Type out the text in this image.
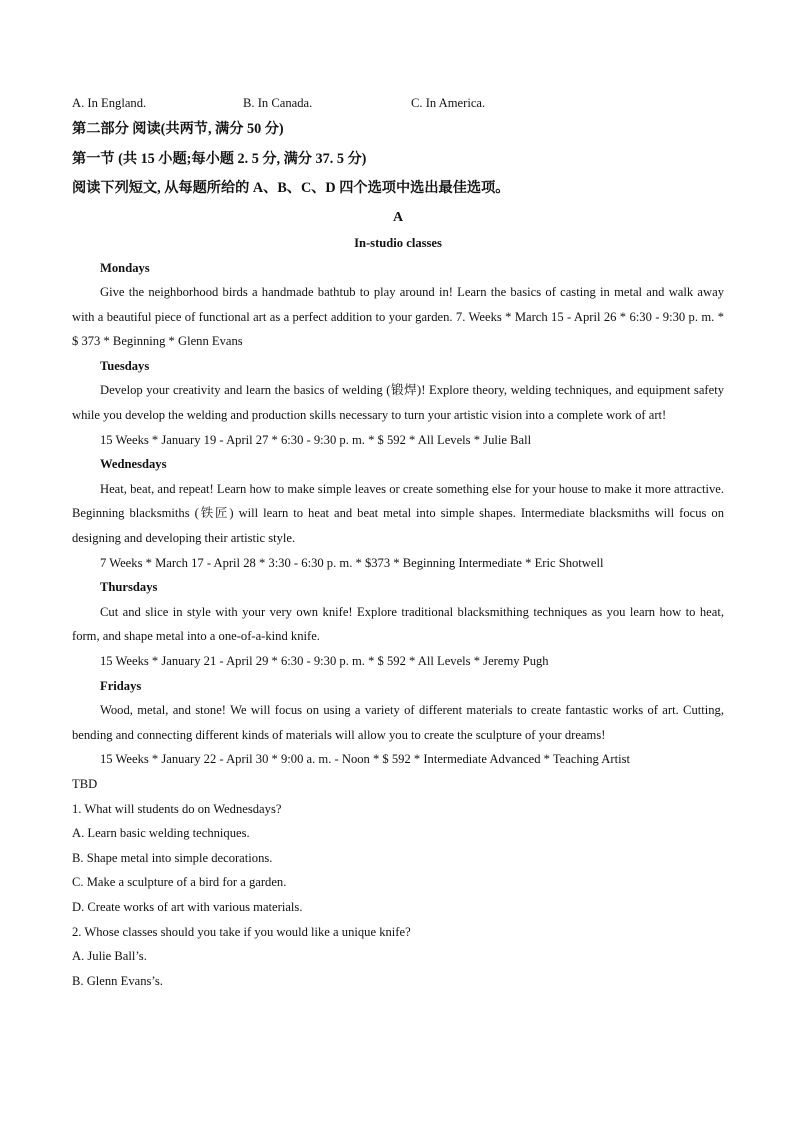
A. In England.	B. In Canada.	C. In America.
第二部分 阅读(共两节, 满分 50 分)
第一节 (共 15 小题;每小题 2. 5 分, 满分 37. 5 分)
阅读下列短文, 从每题所给的 A、B、C、D 四个选项中选出最佳选项。
A
In-studio classes
Mondays
Give the neighborhood birds a handmade bathtub to play around in! Learn the basics of casting in metal and walk away with a beautiful piece of functional art as a perfect addition to your garden. 7. Weeks * March 15 - April 26 * 6:30 - 9:30 p. m. * $ 373 * Beginning * Glenn Evans
Tuesdays
Develop your creativity and learn the basics of welding (锻焊)! Explore theory, welding techniques, and equipment safety while you develop the welding and production skills necessary to turn your artistic vision into a complete work of art!
15 Weeks * January 19 - April 27 * 6:30 - 9:30 p. m. * $ 592 * All Levels * Julie Ball
Wednesdays
Heat, beat, and repeat! Learn how to make simple leaves or create something else for your house to make it more attractive. Beginning blacksmiths (铁匠) will learn to heat and beat metal into simple shapes. Intermediate blacksmiths will focus on designing and developing their artistic style.
7 Weeks * March 17 - April 28 * 3:30 - 6:30 p. m. * $373 * Beginning Intermediate * Eric Shotwell
Thursdays
Cut and slice in style with your very own knife! Explore traditional blacksmithing techniques as you learn how to heat, form, and shape metal into a one-of-a-kind knife.
15 Weeks * January 21 - April 29 * 6:30 - 9:30 p. m. * $ 592 * All Levels * Jeremy Pugh
Fridays
Wood, metal, and stone! We will focus on using a variety of different materials to create fantastic works of art. Cutting, bending and connecting different kinds of materials will allow you to create the sculpture of your dreams!
15 Weeks * January 22 - April 30 * 9:00 a. m. - Noon * $ 592 * Intermediate Advanced * Teaching Artist
TBD
1. What will students do on Wednesdays?
A. Learn basic welding techniques.
B. Shape metal into simple decorations.
C. Make a sculpture of a bird for a garden.
D. Create works of art with various materials.
2. Whose classes should you take if you would like a unique knife?
A. Julie Ball’s.
B. Glenn Evans’s.
